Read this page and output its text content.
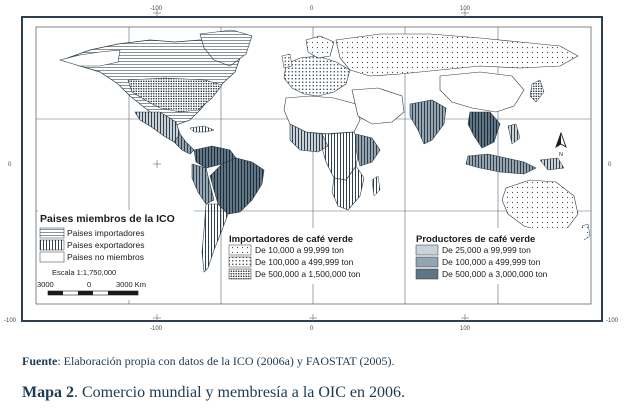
-100	0	100
-100	0	100
0
-100
0
-100
N
Paises miembros de la ICO
Paises importadores
Paises exportadores
Paises no miembros
Escala 1:1,750,000
3000	0	3000 Km
Importadores de café verde
De 10,000 a 99,999 ton
De 100,000 a 499,999 ton
De 500,000 a 1,500,000 ton
Productores de café verde
De 25,000 a 99,999 ton
De 100,000 a 499,999 ton
De 500,000 a 3,000,000 ton
Fuente: Elaboración propia con datos de la ICO (2006a) y FAOSTAT (2005).
Mapa 2. Comercio mundial y membresía a la OIC en 2006.
